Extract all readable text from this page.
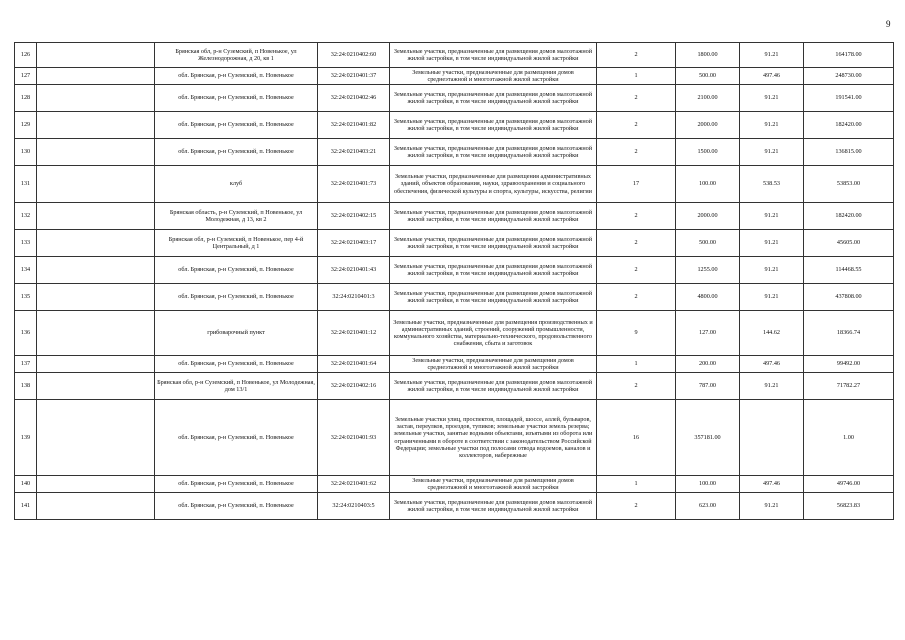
9
126		Брянская обл, р-н Суземский, п Новенькое, ул Железнодорожная, д 20, кв 1	32:24:0210402:60	Земельные участки, предназначенные для размещения домов малоэтажной жилой застройки, в том числе индивидуальной жилой застройки	2	1800.00	91.21	164178.00
127		обл. Брянская, р-н Суземский, п. Новенькое	32:24:0210401:37	Земельные участки, предназначенные для размещения домов среднеэтажной и многоэтажной жилой застройки	1	500.00	497.46	248730.00
128		обл. Брянская, р-н Суземский, п. Новенькое	32:24:0210402:46	Земельные участки, предназначенные для размещения домов малоэтажной жилой застройки, в том числе индивидуальной жилой застройки	2	2100.00	91.21	191541.00
129		обл. Брянская, р-н Суземский, п. Новенькое	32:24:0210401:82	Земельные участки, предназначенные для размещения домов малоэтажной жилой застройки, в том числе индивидуальной жилой застройки	2	2000.00	91.21	182420.00
130		обл. Брянская, р-н Суземский, п. Новенькое	32:24:0210403:21	Земельные участки, предназначенные для размещения домов малоэтажной жилой застройки, в том числе индивидуальной жилой застройки	2	1500.00	91.21	136815.00
131		клуб	32:24:0210401:73	Земельные участки, предназначенные для размещения административных зданий, объектов образования, науки, здравоохранения и социального обеспечения, физической культуры и спорта, культуры, искусства, религии	17	100.00	538.53	53853.00
132		Брянская область, р-н Суземский, п Новенькое, ул Молодежная, д 13, кв 2	32:24:0210402:15	Земельные участки, предназначенные для размещения домов малоэтажной жилой застройки, в том числе индивидуальной жилой застройки	2	2000.00	91.21	182420.00
133		Брянская обл, р-н Суземский, п Новенькое, пер 4-й Центральный, д 1	32:24:0210403:17	Земельные участки, предназначенные для размещения домов малоэтажной жилой застройки, в том числе индивидуальной жилой застройки	2	500.00	91.21	45605.00
134		обл. Брянская, р-н Суземский, п. Новенькое	32:24:0210401:43	Земельные участки, предназначенные для размещения домов малоэтажной жилой застройки, в том числе индивидуальной жилой застройки	2	1255.00	91.21	114468.55
135		обл. Брянская, р-н Суземский, п. Новенькое	32:24:0210401:3	Земельные участки, предназначенные для размещения домов малоэтажной жилой застройки, в том числе индивидуальной жилой застройки	2	4800.00	91.21	437808.00
136		грибоварочный пункт	32:24:0210401:12	Земельные участки, предназначенные для размещения производственных и административных зданий, строений, сооружений промышленности, коммунального хозяйства, материально-технического, продовольственного снабжения, сбыта и заготовок	9	127.00	144.62	18366.74
137		обл. Брянская, р-н Суземский, п. Новенькое	32:24:0210401:64	Земельные участки, предназначенные для размещения домов среднеэтажной и многоэтажной жилой застройки	1	200.00	497.46	99492.00
138		Брянская обл, р-н Суземский, п Новенькое, ул Молодежная, дом 13/1	32:24:0210402:16	Земельные участки, предназначенные для размещения домов малоэтажной жилой застройки, в том числе индивидуальной жилой застройки	2	787.00	91.21	71782.27
139		обл. Брянская, р-н Суземский, п. Новенькое	32:24:0210401:93	Земельные участки улиц, проспектов, площадей, шоссе, аллей, бульваров, застав, переулков, проездов, тупиков; земельные участки земель резерва; земельные участки, занятые водными объектами, изъятыми из оборота или ограниченными в обороте в соответствии с законодательством Российской Федерации; земельные участки под полосами отвода водоемов, каналов и коллекторов, набережные	16	357181.00		1.00
140		обл. Брянская, р-н Суземский, п. Новенькое	32:24:0210401:62	Земельные участки, предназначенные для размещения домов среднеэтажной и многоэтажной жилой застройки	1	100.00	497.46	49746.00
141		обл. Брянская, р-н Суземский, п. Новенькое	32:24:0210403:5	Земельные участки, предназначенные для размещения домов малоэтажной жилой застройки, в том числе индивидуальной жилой застройки	2	623.00	91.21	56823.83
